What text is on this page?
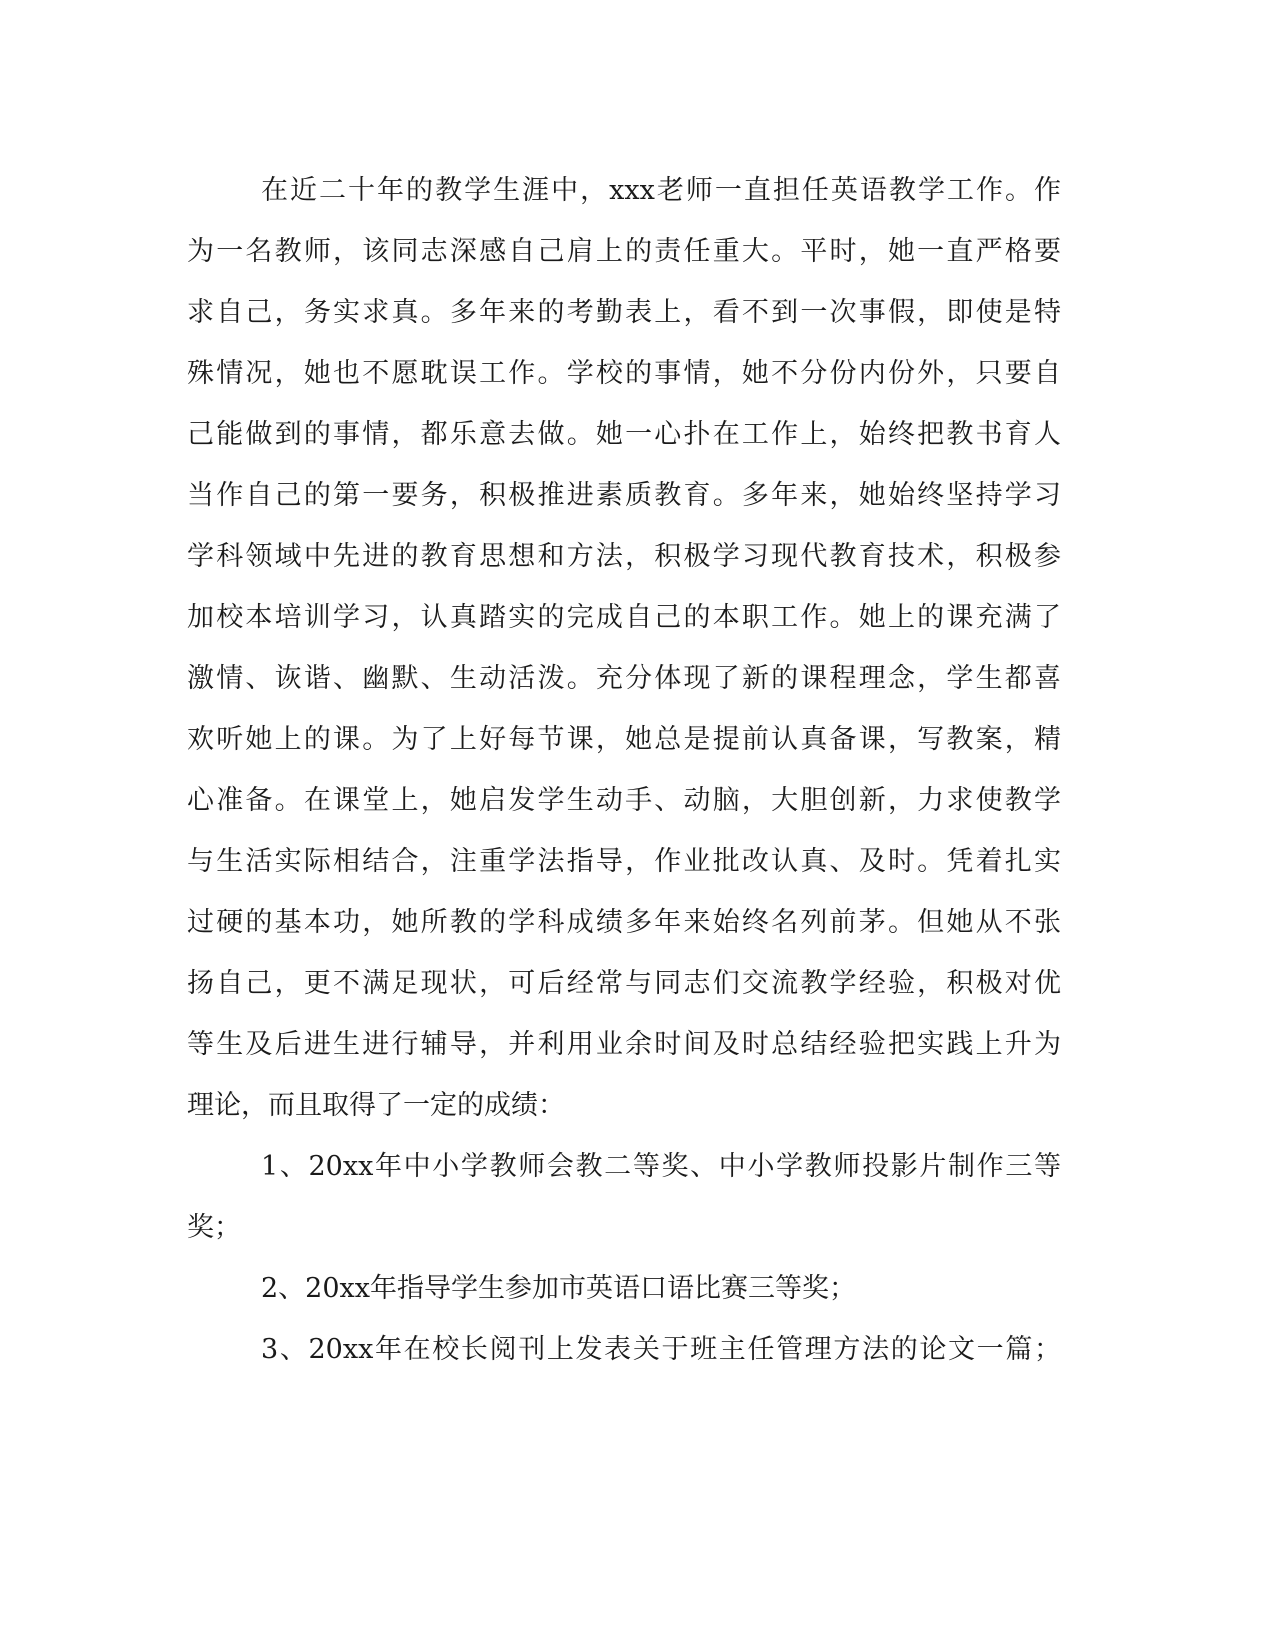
在近二十年的教学生涯中，xxx老师一直担任英语教学工作。作
为一名教师，该同志深感自己肩上的责任重大。平时，她一直严格要
求自己，务实求真。多年来的考勤表上，看不到一次事假，即使是特
殊情况，她也不愿耽误工作。学校的事情，她不分份内份外，只要自
己能做到的事情，都乐意去做。她一心扑在工作上，始终把教书育人
当作自己的第一要务，积极推进素质教育。多年来，她始终坚持学习
学科领域中先进的教育思想和方法，积极学习现代教育技术，积极参
加校本培训学习，认真踏实的完成自己的本职工作。她上的课充满了
激情、诙谐、幽默、生动活泼。充分体现了新的课程理念，学生都喜
欢听她上的课。为了上好每节课，她总是提前认真备课，写教案，精
心准备。在课堂上，她启发学生动手、动脑，大胆创新，力求使教学
与生活实际相结合，注重学法指导，作业批改认真、及时。凭着扎实
过硬的基本功，她所教的学科成绩多年来始终名列前茅。但她从不张
扬自己，更不满足现状，可后经常与同志们交流教学经验，积极对优
等生及后进生进行辅导，并利用业余时间及时总结经验把实践上升为
理论，而且取得了一定的成绩：
1、20xx年中小学教师会教二等奖、中小学教师投影片制作三等
奖；
2、20xx年指导学生参加市英语口语比赛三等奖；
3、20xx年在校长阅刊上发表关于班主任管理方法的论文一篇；
